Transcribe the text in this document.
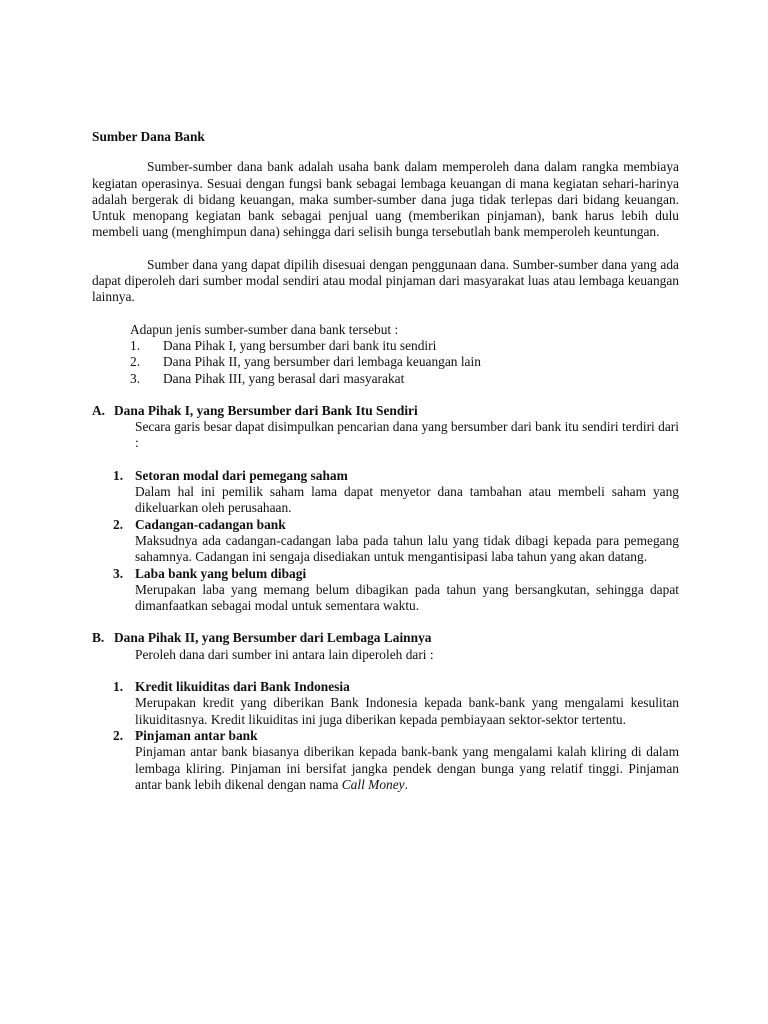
Sumber Dana Bank

Sumber-sumber dana bank adalah usaha bank dalam memperoleh dana dalam rangka membiaya kegiatan operasinya. Sesuai dengan fungsi bank sebagai lembaga keuangan di mana kegiatan sehari-harinya adalah bergerak di bidang keuangan, maka sumber-sumber dana juga tidak terlepas dari bidang keuangan. Untuk menopang kegiatan bank sebagai penjual uang (memberikan pinjaman), bank harus lebih dulu membeli uang (menghimpun dana) sehingga dari selisih bunga tersebutlah bank memperoleh keuntungan.

Sumber dana yang dapat dipilih disesuai dengan penggunaan dana. Sumber-sumber dana yang ada dapat diperoleh dari sumber modal sendiri atau modal pinjaman dari masyarakat luas atau lembaga keuangan lainnya.

Adapun jenis sumber-sumber dana bank tersebut :
1.	Dana Pihak I, yang bersumber dari bank itu sendiri
2.	Dana Pihak II, yang bersumber dari lembaga keuangan lain
3.	Dana Pihak III, yang berasal dari masyarakat
A. Dana Pihak I, yang Bersumber dari Bank Itu Sendiri
Secara garis besar dapat disimpulkan pencarian dana yang bersumber dari bank itu sendiri terdiri dari :
1. Setoran modal dari pemegang saham
Dalam hal ini pemilik saham lama dapat menyetor dana tambahan atau membeli saham yang dikeluarkan oleh perusahaan.
2. Cadangan-cadangan bank
Maksudnya ada cadangan-cadangan laba pada tahun lalu yang tidak dibagi kepada para pemegang sahamnya. Cadangan ini sengaja disediakan untuk mengantisipasi laba tahun yang akan datang.
3. Laba bank yang belum dibagi
Merupakan laba yang memang belum dibagikan pada tahun yang bersangkutan, sehingga dapat dimanfaatkan sebagai modal untuk sementara waktu.
B. Dana Pihak II, yang Bersumber dari Lembaga Lainnya
Peroleh dana dari sumber ini antara lain diperoleh dari :
1. Kredit likuiditas dari Bank Indonesia
Merupakan kredit yang diberikan Bank Indonesia kepada bank-bank yang mengalami kesulitan likuiditasnya. Kredit likuiditas ini juga diberikan kepada pembiayaan sektor-sektor tertentu.
2. Pinjaman antar bank
Pinjaman antar bank biasanya diberikan kepada bank-bank yang mengalami kalah kliring di dalam lembaga kliring. Pinjaman ini bersifat jangka pendek dengan bunga yang relatif tinggi. Pinjaman antar bank lebih dikenal dengan nama Call Money.
